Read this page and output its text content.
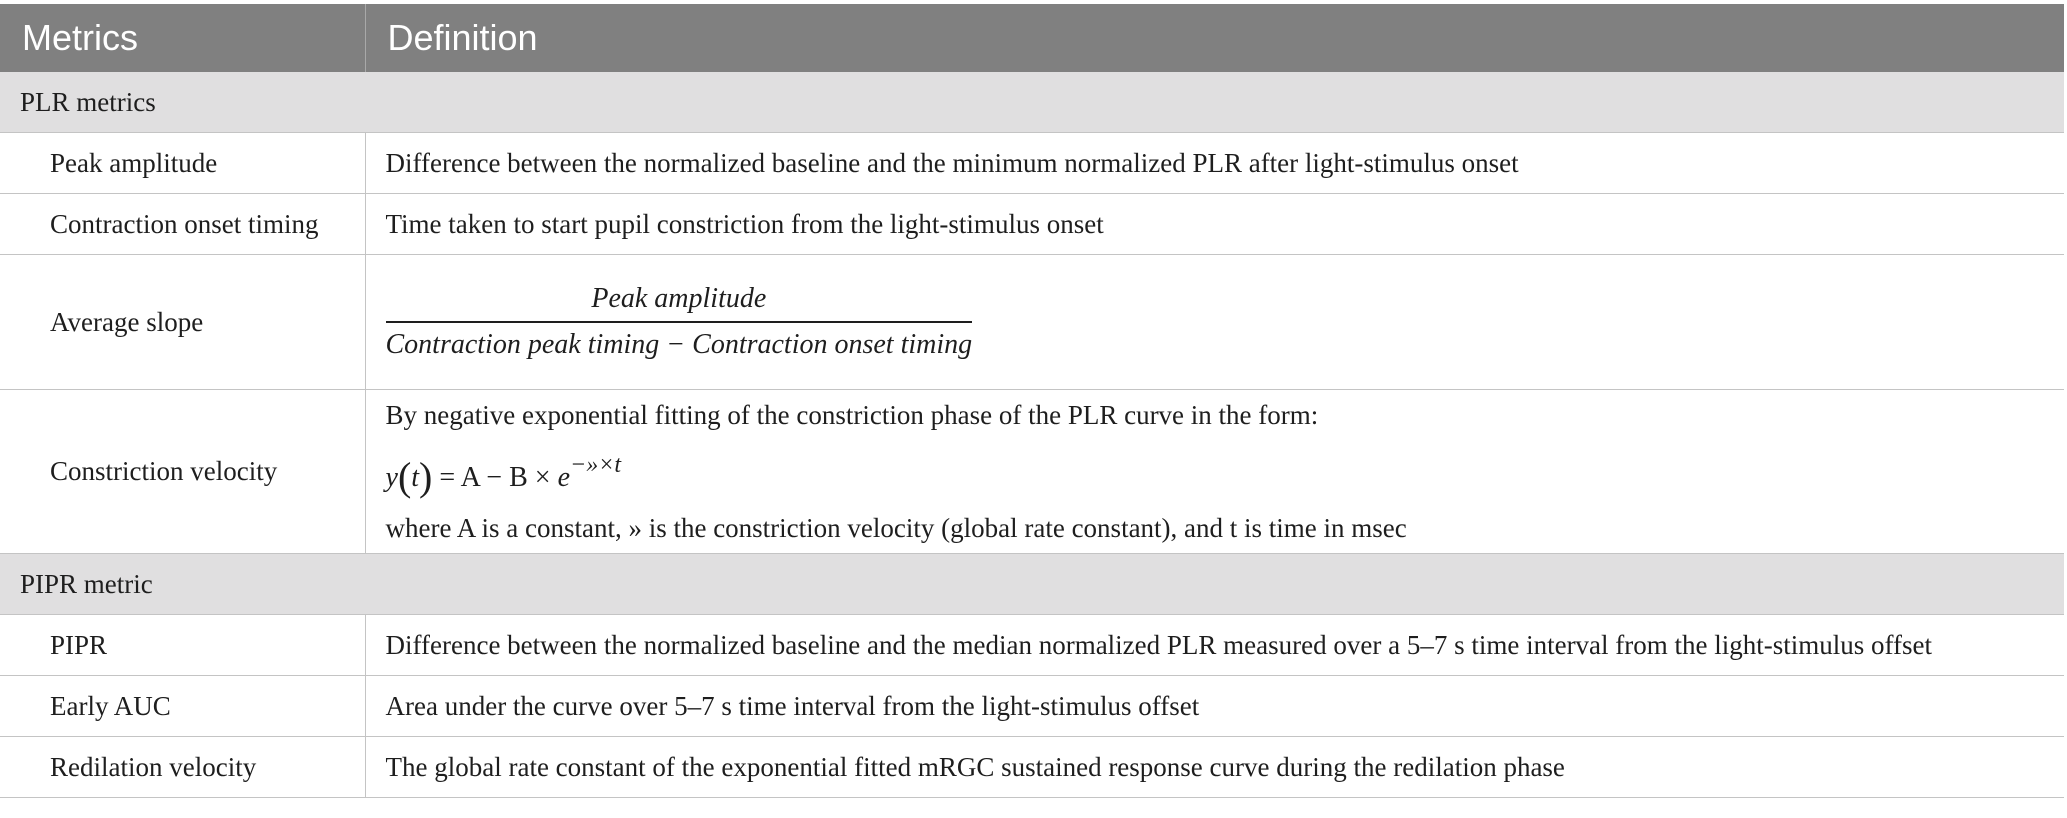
Metrics	Definition
PLR metrics	
Peak amplitude	Difference between the normalized baseline and the minimum normalized PLR after light-stimulus onset
Contraction onset timing	Time taken to start pupil constriction from the light-stimulus onset
Average slope	$\frac{\text{Peak amplitude}}{\text{Contraction peak timing − Contraction onset timing}}$

Constriction velocity	By negative exponential fitting of the constriction phase of the PLR curve in the form:
$y(t) = A - B \times e^{-»\times t}$
where A is a constant, » is the constriction velocity (global rate constant), and t is time in msec

PIPR metric	
PIPR	Difference between the normalized baseline and the median normalized PLR measured over a 5–7 s time interval from the light-stimulus offset
Early AUC	Area under the curve over 5–7 s time interval from the light-stimulus offset
Redilation velocity	The global rate constant of the exponential fitted mRGC sustained response curve during the redilation phase
